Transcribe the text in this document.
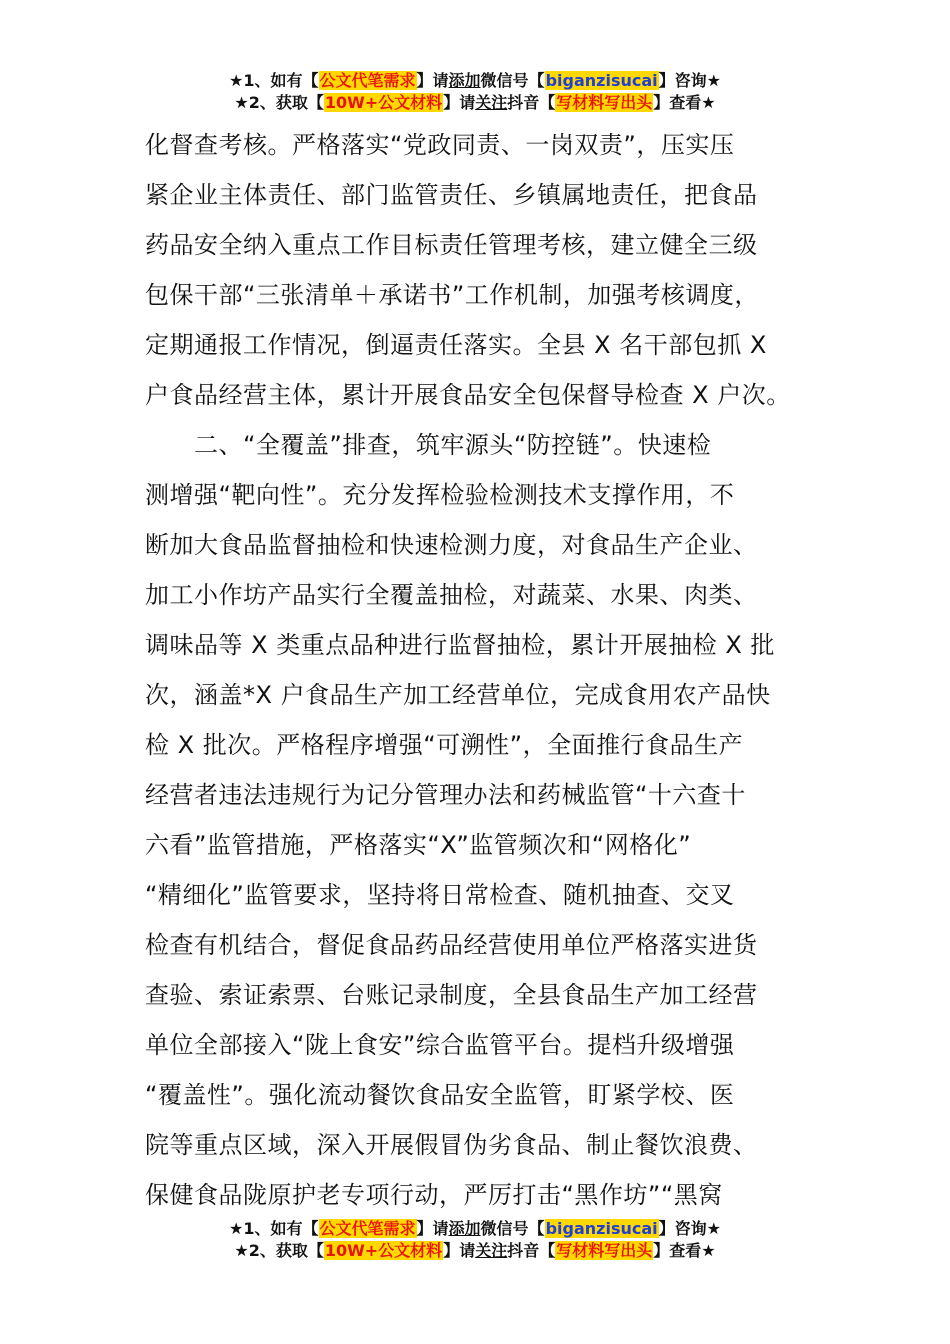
★1、如有【公文代笔需求】请添加微信号【biganzisucai】咨询★
★2、获取【10W+公文材料】请关注抖音【写材料写出头】查看★
化督查考核。严格落实“党政同责、一岗双责”，压实压
紧企业主体责任、部门监管责任、乡镇属地责任，把食品
药品安全纳入重点工作目标责任管理考核，建立健全三级
包保干部“三张清单＋承诺书”工作机制，加强考核调度，
定期通报工作情况，倒逼责任落实。全县 X 名干部包抓 X
户食品经营主体，累计开展食品安全包保督导检查 X 户次。
　　二、“全覆盖”排查，筑牢源头“防控链”。快速检
测增强“靶向性”。充分发挥检验检测技术支撑作用，不
断加大食品监督抽检和快速检测力度，对食品生产企业、
加工小作坊产品实行全覆盖抽检，对蔬菜、水果、肉类、
调味品等 X 类重点品种进行监督抽检，累计开展抽检 X 批
次，涵盖*X 户食品生产加工经营单位，完成食用农产品快
检 X 批次。严格程序增强“可溯性”，全面推行食品生产
经营者违法违规行为记分管理办法和药械监管“十六查十
六看”监管措施，严格落实“X”监管频次和“网格化”
“精细化”监管要求，坚持将日常检查、随机抽查、交叉
检查有机结合，督促食品药品经营使用单位严格落实进货
查验、索证索票、台账记录制度，全县食品生产加工经营
单位全部接入“陇上食安”综合监管平台。提档升级增强
“覆盖性”。强化流动餐饮食品安全监管，盯紧学校、医
院等重点区域，深入开展假冒伪劣食品、制止餐饮浪费、
保健食品陇原护老专项行动，严厉打击“黑作坊”“黑窝
★1、如有【公文代笔需求】请添加微信号【biganzisucai】咨询★
★2、获取【10W+公文材料】请关注抖音【写材料写出头】查看★
